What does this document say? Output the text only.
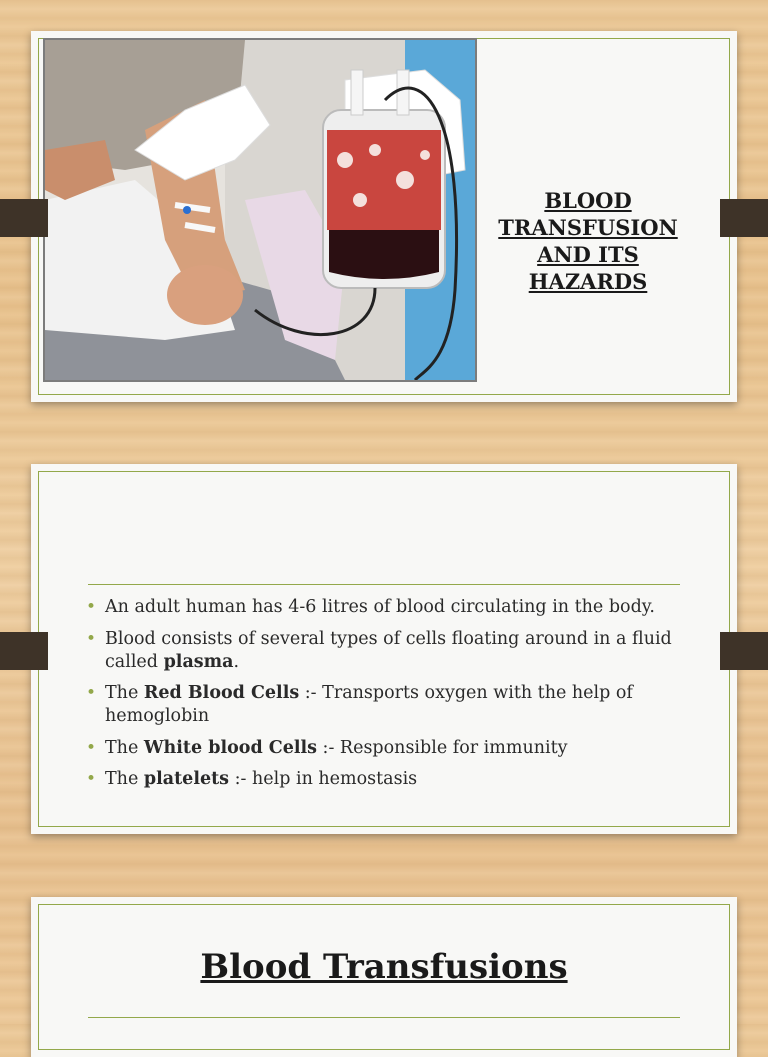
BLOOD
TRANSFUSION
AND ITS
HAZARDS
• An adult human has 4-6 litres of blood circulating in the body.
• Blood consists of several types of cells floating around in a fluid called plasma.
• The Red Blood Cells :- Transports oxygen with the help of hemoglobin
• The White blood Cells :- Responsible for immunity
• The platelets :- help in hemostasis
Blood Transfusions
